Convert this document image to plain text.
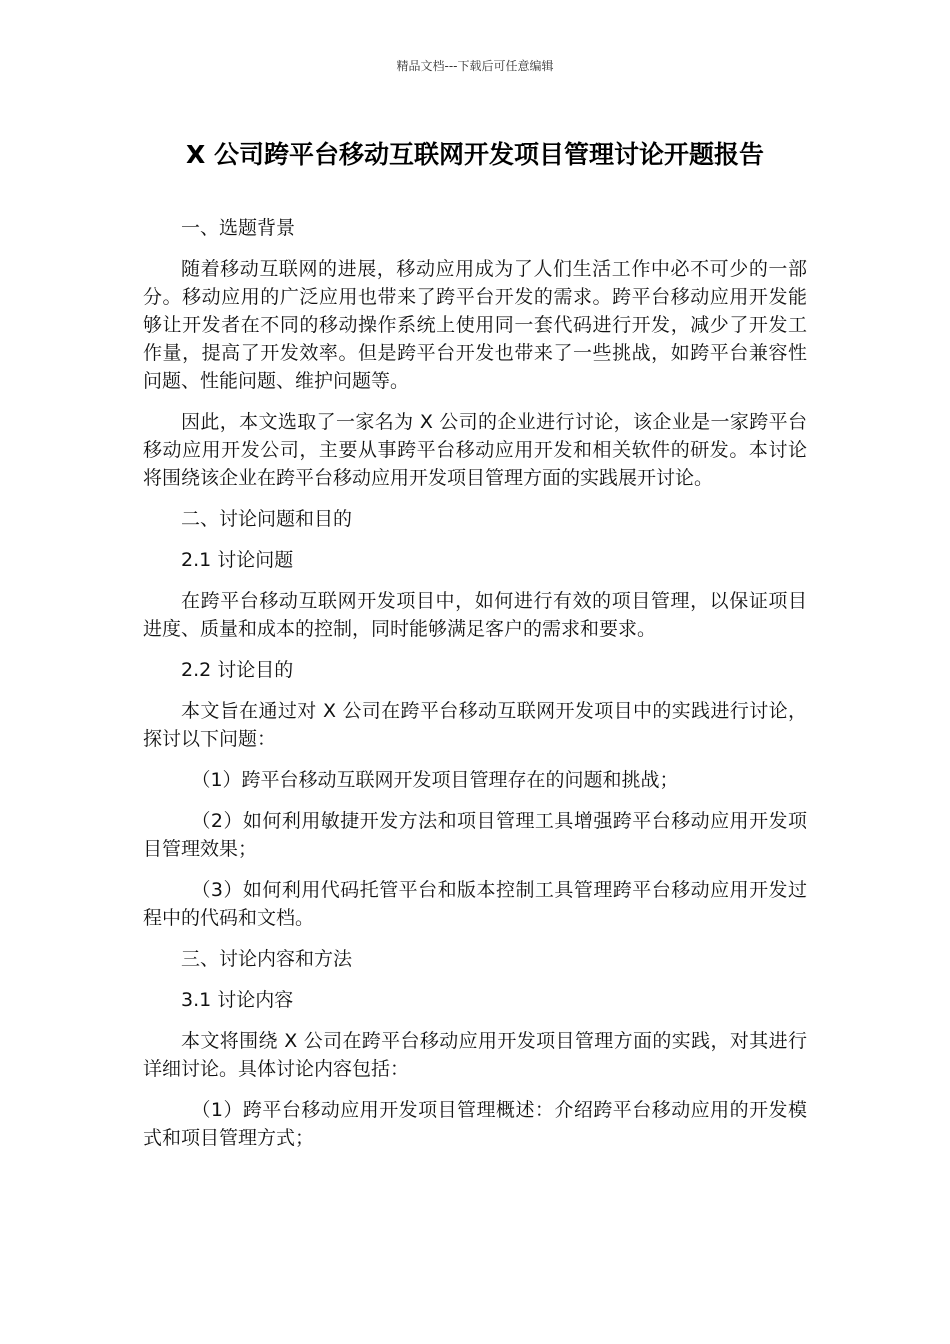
精品文档---下载后可任意编辑
X 公司跨平台移动互联网开发项目管理讨论开题报告

一、选题背景

随着移动互联网的进展，移动应用成为了人们生活工作中必不可少的一部分。移动应用的广泛应用也带来了跨平台开发的需求。跨平台移动应用开发能够让开发者在不同的移动操作系统上使用同一套代码进行开发，减少了开发工作量，提高了开发效率。但是跨平台开发也带来了一些挑战，如跨平台兼容性问题、性能问题、维护问题等。

因此，本文选取了一家名为 X 公司的企业进行讨论，该企业是一家跨平台移动应用开发公司，主要从事跨平台移动应用开发和相关软件的研发。本讨论将围绕该企业在跨平台移动应用开发项目管理方面的实践展开讨论。

二、讨论问题和目的

2.1 讨论问题

在跨平台移动互联网开发项目中，如何进行有效的项目管理，以保证项目进度、质量和成本的控制，同时能够满足客户的需求和要求。

2.2 讨论目的

本文旨在通过对 X 公司在跨平台移动互联网开发项目中的实践进行讨论，探讨以下问题：

（1）跨平台移动互联网开发项目管理存在的问题和挑战；

（2）如何利用敏捷开发方法和项目管理工具增强跨平台移动应用开发项目管理效果；

（3）如何利用代码托管平台和版本控制工具管理跨平台移动应用开发过程中的代码和文档。

三、讨论内容和方法

3.1 讨论内容

本文将围绕 X 公司在跨平台移动应用开发项目管理方面的实践，对其进行详细讨论。具体讨论内容包括：

（1）跨平台移动应用开发项目管理概述：介绍跨平台移动应用的开发模式和项目管理方式；
